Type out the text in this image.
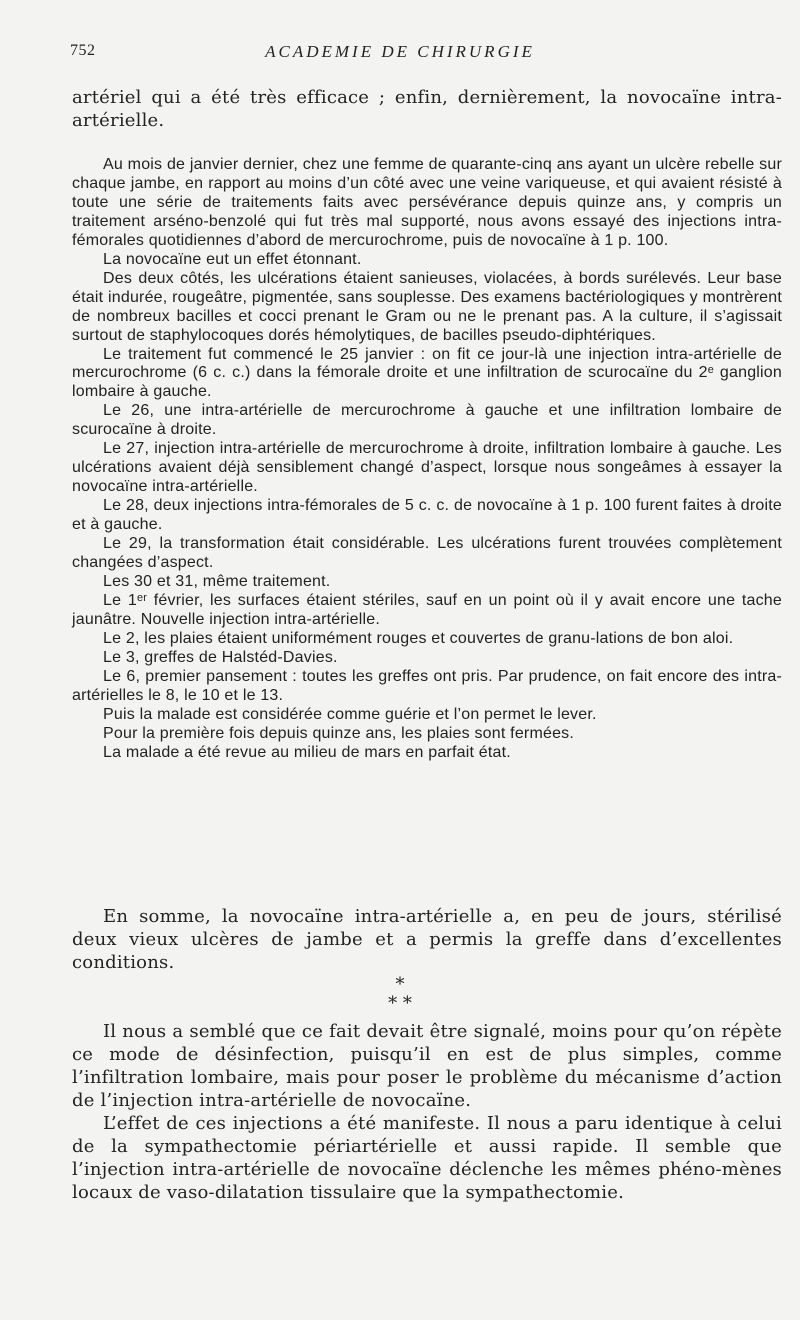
752	ACADEMIE DE CHIRURGIE

artériel qui a été très efficace ; enfin, dernièrement, la novocaïne intra-artérielle.

Au mois de janvier dernier, chez une femme de quarante-cinq ans ayant un ulcère rebelle sur chaque jambe, en rapport au moins d’un côté avec une veine variqueuse, et qui avaient résisté à toute une série de traitements faits avec persévérance depuis quinze ans, y compris un traitement arséno-benzolé qui fut très mal supporté, nous avons essayé des injections intra-fémorales quotidiennes d’abord de mercurochrome, puis de novocaïne à 1 p. 100.

La novocaïne eut un effet étonnant.

Des deux côtés, les ulcérations étaient sanieuses, violacées, à bords surélevés. Leur base était indurée, rougeâtre, pigmentée, sans souplesse. Des examens bactériologiques y montrèrent de nombreux bacilles et cocci prenant le Gram ou ne le prenant pas. A la culture, il s’agissait surtout de staphylocoques dorés hémolytiques, de bacilles pseudo-diphtériques.

Le traitement fut commencé le 25 janvier : on fit ce jour-là une injection intra-artérielle de mercurochrome (6 c. c.) dans la fémorale droite et une infiltration de scurocaïne du 2ᵉ ganglion lombaire à gauche.

Le 26, une intra-artérielle de mercurochrome à gauche et une infiltration lombaire de scurocaïne à droite.

Le 27, injection intra-artérielle de mercurochrome à droite, infiltration lombaire à gauche. Les ulcérations avaient déjà sensiblement changé d’aspect, lorsque nous songeâmes à essayer la novocaïne intra-artérielle.

Le 28, deux injections intra-fémorales de 5 c. c. de novocaïne à 1 p. 100 furent faites à droite et à gauche.

Le 29, la transformation était considérable. Les ulcérations furent trouvées complètement changées d’aspect.

Les 30 et 31, même traitement.

Le 1ᵉʳ février, les surfaces étaient stériles, sauf en un point où il y avait encore une tache jaunâtre. Nouvelle injection intra-artérielle.

Le 2, les plaies étaient uniformément rouges et couvertes de granu-lations de bon aloi.

Le 3, greffes de Halstéd-Davies.

Le 6, premier pansement : toutes les greffes ont pris. Par prudence, on fait encore des intra-artérielles le 8, le 10 et le 13.

Puis la malade est considérée comme guérie et l’on permet le lever.

Pour la première fois depuis quinze ans, les plaies sont fermées.

La malade a été revue au milieu de mars en parfait état.

En somme, la novocaïne intra-artérielle a, en peu de jours, stérilisé deux vieux ulcères de jambe et a permis la greffe dans d’excellentes conditions.

*
* *

Il nous a semblé que ce fait devait être signalé, moins pour qu’on répète ce mode de désinfection, puisqu’il en est de plus simples, comme l’infiltration lombaire, mais pour poser le problème du mécanisme d’action de l’injection intra-artérielle de novocaïne.

L’effet de ces injections a été manifeste. Il nous a paru identique à celui de la sympathectomie périartérielle et aussi rapide. Il semble que l’injection intra-artérielle de novocaïne déclenche les mêmes phéno-mènes locaux de vaso-dilatation tissulaire que la sympathectomie.
